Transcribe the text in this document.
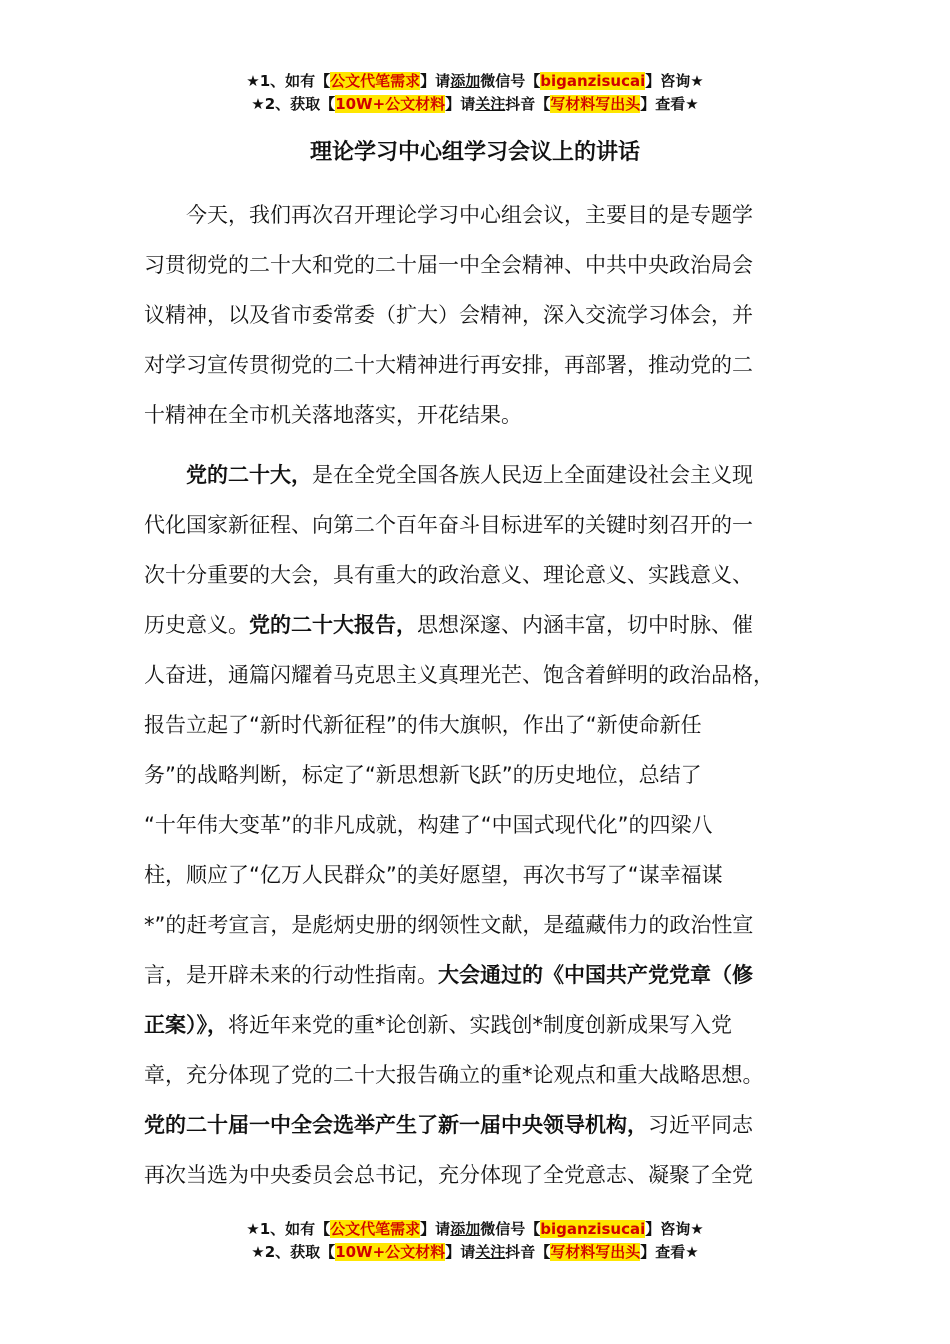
★1、如有【公文代笔需求】请添加微信号【biganzisucai】咨询★
★2、获取【10W+公文材料】请关注抖音【写材料写出头】查看★
理论学习中心组学习会议上的讲话
今天，我们再次召开理论学习中心组会议，主要目的是专题学
习贯彻党的二十大和党的二十届一中全会精神、中共中央政治局会
议精神，以及省市委常委（扩大）会精神，深入交流学习体会，并
对学习宣传贯彻党的二十大精神进行再安排，再部署，推动党的二
十精神在全市机关落地落实，开花结果。
党的二十大，是在全党全国各族人民迈上全面建设社会主义现
代化国家新征程、向第二个百年奋斗目标进军的关键时刻召开的一
次十分重要的大会，具有重大的政治意义、理论意义、实践意义、
历史意义。党的二十大报告，思想深邃、内涵丰富，切中时脉、催
人奋进，通篇闪耀着马克思主义真理光芒、饱含着鲜明的政治品格，
报告立起了“新时代新征程”的伟大旗帜，作出了“新使命新任
务”的战略判断，标定了“新思想新飞跃”的历史地位，总结了
“十年伟大变革”的非凡成就，构建了“中国式现代化”的四梁八
柱，顺应了“亿万人民群众”的美好愿望，再次书写了“谋幸福谋
*”的赶考宣言，是彪炳史册的纲领性文献，是蕴藏伟力的政治性宣
言，是开辟未来的行动性指南。大会通过的《中国共产党党章（修
正案）》，将近年来党的重*论创新、实践创*制度创新成果写入党
章，充分体现了党的二十大报告确立的重*论观点和重大战略思想。
党的二十届一中全会选举产生了新一届中央领导机构，习近平同志
再次当选为中央委员会总书记，充分体现了全党意志、凝聚了全党
★1、如有【公文代笔需求】请添加微信号【biganzisucai】咨询★
★2、获取【10W+公文材料】请关注抖音【写材料写出头】查看★
